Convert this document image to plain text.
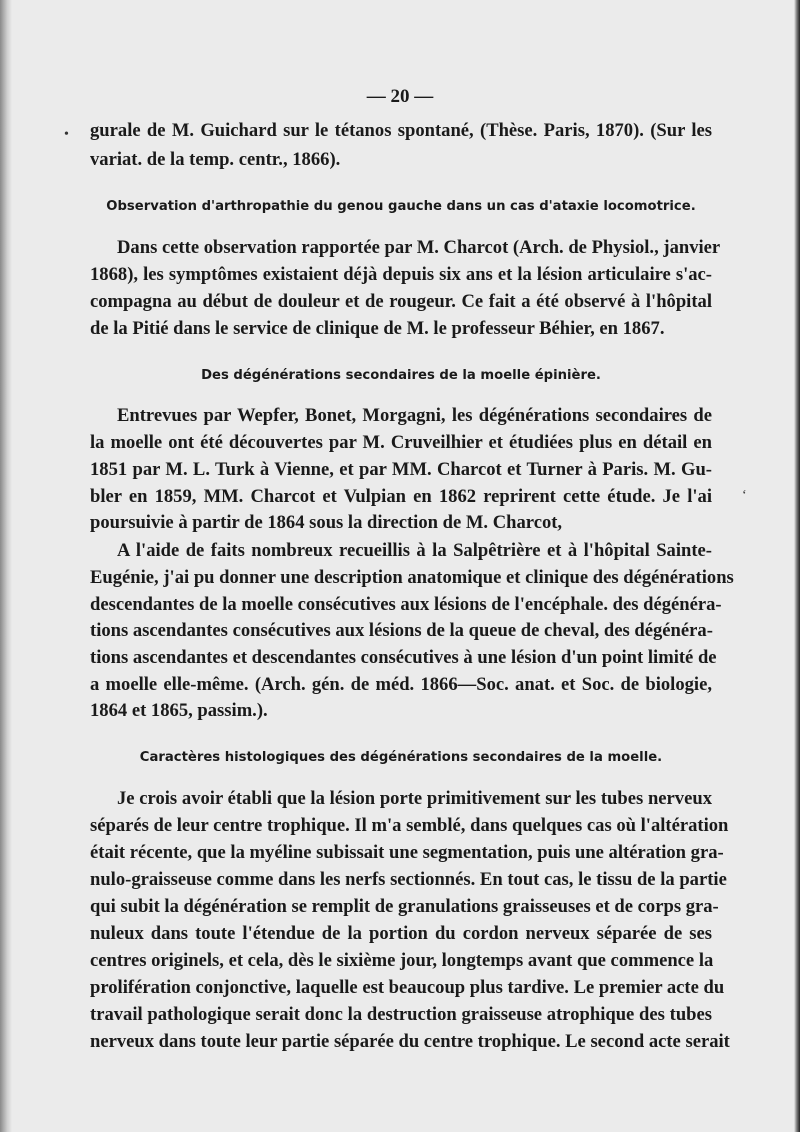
•
— 20 —
gurale de M. Guichard sur le tétanos spontané, (Thèse. Paris, 1870). (Sur les
variat. de la temp. centr., 1866).
Observation d'arthropathie du genou gauche dans un cas d'ataxie locomotrice.
Dans cette observation rapportée par M. Charcot (Arch. de Physiol., janvier
1868), les symptômes existaient déjà depuis six ans et la lésion articulaire s'ac-
compagna au début de douleur et de rougeur. Ce fait a été observé à l'hôpital
de la Pitié dans le service de clinique de M. le professeur Béhier, en 1867.
Des dégénérations secondaires de la moelle épinière.
Entrevues par Wepfer, Bonet, Morgagni, les dégénérations secondaires de
la moelle ont été découvertes par M. Cruveilhier et étudiées plus en détail en
1851 par M. L. Turk à Vienne, et par MM. Charcot et Turner à Paris. M. Gu-
bler en 1859, MM. Charcot et Vulpian en 1862 reprirent cette étude. Je l'ai
poursuivie à partir de 1864 sous la direction de M. Charcot,
A l'aide de faits nombreux recueillis à la Salpêtrière et à l'hôpital Sainte-
Eugénie, j'ai pu donner une description anatomique et clinique des dégénérations
descendantes de la moelle consécutives aux lésions de l'encéphale. des dégénéra-
tions ascendantes consécutives aux lésions de la queue de cheval, des dégénéra-
tions ascendantes et descendantes consécutives à une lésion d'un point limité de
a moelle elle-même. (Arch. gén. de méd. 1866—Soc. anat. et Soc. de biologie,
1864 et 1865, passim.).
Caractères histologiques des dégénérations secondaires de la moelle.
Je crois avoir établi que la lésion porte primitivement sur les tubes nerveux
séparés de leur centre trophique. Il m'a semblé, dans quelques cas où l'altération
était récente, que la myéline subissait une segmentation, puis une altération gra-
nulo-graisseuse comme dans les nerfs sectionnés. En tout cas, le tissu de la partie
qui subit la dégénération se remplit de granulations graisseuses et de corps gra-
nuleux dans toute l'étendue de la portion du cordon nerveux séparée de ses
centres originels, et cela, dès le sixième jour, longtemps avant que commence la
prolifération conjonctive, laquelle est beaucoup plus tardive. Le premier acte du
travail pathologique serait donc la destruction graisseuse atrophique des tubes
nerveux dans toute leur partie séparée du centre trophique. Le second acte serait
‘
